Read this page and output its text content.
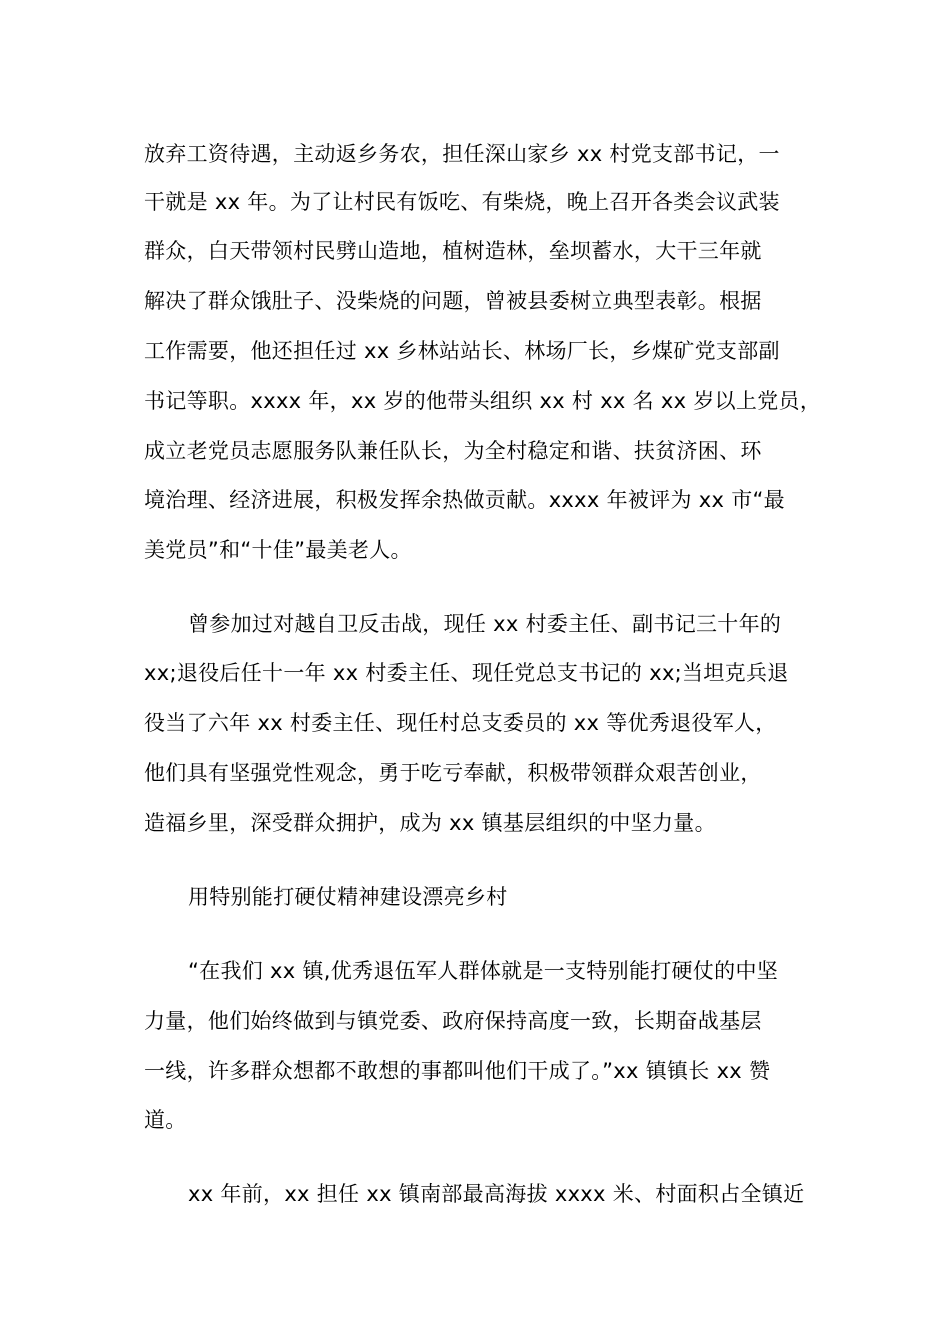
放弃工资待遇，主动返乡务农，担任深山家乡 xx 村党支部书记，一
干就是 xx 年。为了让村民有饭吃、有柴烧，晚上召开各类会议武装
群众，白天带领村民劈山造地，植树造林，垒坝蓄水，大干三年就
解决了群众饿肚子、没柴烧的问题，曾被县委树立典型表彰。根据
工作需要，他还担任过 xx 乡林站站长、林场厂长，乡煤矿党支部副
书记等职。xxxx 年，xx 岁的他带头组织 xx 村 xx 名 xx 岁以上党员，
成立老党员志愿服务队兼任队长，为全村稳定和谐、扶贫济困、环
境治理、经济进展，积极发挥余热做贡献。xxxx 年被评为 xx 市“最
美党员”和“十佳”最美老人。
曾参加过对越自卫反击战，现任 xx 村委主任、副书记三十年的
xx;退役后任十一年 xx 村委主任、现任党总支书记的 xx;当坦克兵退
役当了六年 xx 村委主任、现任村总支委员的 xx 等优秀退役军人，
他们具有坚强党性观念，勇于吃亏奉献，积极带领群众艰苦创业，
造福乡里，深受群众拥护，成为 xx 镇基层组织的中坚力量。
用特别能打硬仗精神建设漂亮乡村
“在我们 xx 镇,优秀退伍军人群体就是一支特别能打硬仗的中坚
力量，他们始终做到与镇党委、政府保持高度一致，长期奋战基层
一线，许多群众想都不敢想的事都叫他们干成了。”xx 镇镇长 xx 赞
道。
xx 年前，xx 担任 xx 镇南部最高海拔 xxxx 米、村面积占全镇近
